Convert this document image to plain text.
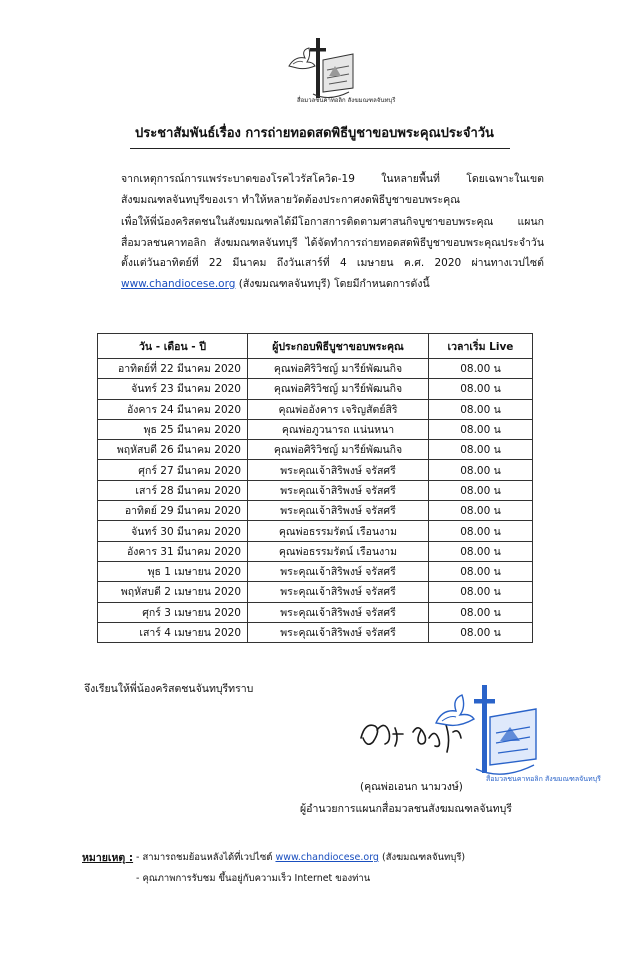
สื่อมวลชนคาทอลิก สังฆมณฑลจันทบุรี
ประชาสัมพันธ์เรื่อง การถ่ายทอดสดพิธีบูชาขอบพระคุณประจำวัน
จากเหตุการณ์การแพร่ระบาดของโรคไวรัสโควิด-19 ในหลายพื้นที่ โดยเฉพาะในเขต
สังฆมณฑลจันทบุรีของเรา ทำให้หลายวัดต้องประกาศงดพิธีบูชาขอบพระคุณ
เพื่อให้พี่น้องคริสตชนในสังฆมณฑลได้มีโอกาสการติดตามศาสนกิจบูชาขอบพระคุณ แผนก
สื่อมวลชนคาทอลิก สังฆมณฑลจันทบุรี ได้จัดทำการถ่ายทอดสดพิธีบูชาขอบพระคุณประจำวัน
ตั้งแต่วันอาทิตย์ที่ 22 มีนาคม ถึงวันเสาร์ที่ 4 เมษายน ค.ศ. 2020 ผ่านทางเวปไซต์
www.chandiocese.org (สังฆมณฑลจันทบุรี) โดยมีกำหนดการดังนี้
วัน - เดือน - ปี	ผู้ประกอบพิธีบูชาขอบพระคุณ	เวลาเริ่ม Live
อาทิตย์ที่ 22 มีนาคม 2020	คุณพ่อศิริวิชญ์ มารีย์พัฒนกิจ	08.00 น
จันทร์ 23 มีนาคม 2020	คุณพ่อศิริวิชญ์ มารีย์พัฒนกิจ	08.00 น
อังคาร 24 มีนาคม 2020	คุณพ่ออังคาร เจริญสัตย์สิริ	08.00 น
พุธ 25 มีนาคม 2020	คุณพ่อภูวนารถ แน่นหนา	08.00 น
พฤหัสบดี 26 มีนาคม 2020	คุณพ่อศิริวิชญ์ มารีย์พัฒนกิจ	08.00 น
ศุกร์ 27 มีนาคม 2020	พระคุณเจ้าสิริพงษ์ จรัสศรี	08.00 น
เสาร์ 28 มีนาคม 2020	พระคุณเจ้าสิริพงษ์ จรัสศรี	08.00 น
อาทิตย์ 29 มีนาคม 2020	พระคุณเจ้าสิริพงษ์ จรัสศรี	08.00 น
จันทร์ 30 มีนาคม 2020	คุณพ่อธรรมรัตน์ เรือนงาม	08.00 น
อังคาร 31 มีนาคม 2020	คุณพ่อธรรมรัตน์ เรือนงาม	08.00 น
พุธ 1 เมษายน 2020	พระคุณเจ้าสิริพงษ์ จรัสศรี	08.00 น
พฤหัสบดี 2 เมษายน 2020	พระคุณเจ้าสิริพงษ์ จรัสศรี	08.00 น
ศุกร์ 3 เมษายน 2020	พระคุณเจ้าสิริพงษ์ จรัสศรี	08.00 น
เสาร์ 4 เมษายน 2020	พระคุณเจ้าสิริพงษ์ จรัสศรี	08.00 น
จึงเรียนให้พี่น้องคริสตชนจันทบุรีทราบ
สื่อมวลชนคาทอลิก สังฆมณฑลจันทบุรี
(คุณพ่อเอนก นามวงษ์)
ผู้อำนวยการแผนกสื่อมวลชนสังฆมณฑลจันทบุรี
หมายเหตุ : - สามารถชมย้อนหลังได้ที่เวปไซต์ www.chandiocese.org (สังฆมณฑลจันทบุรี)
- คุณภาพการรับชม ขึ้นอยู่กับความเร็ว Internet ของท่าน
